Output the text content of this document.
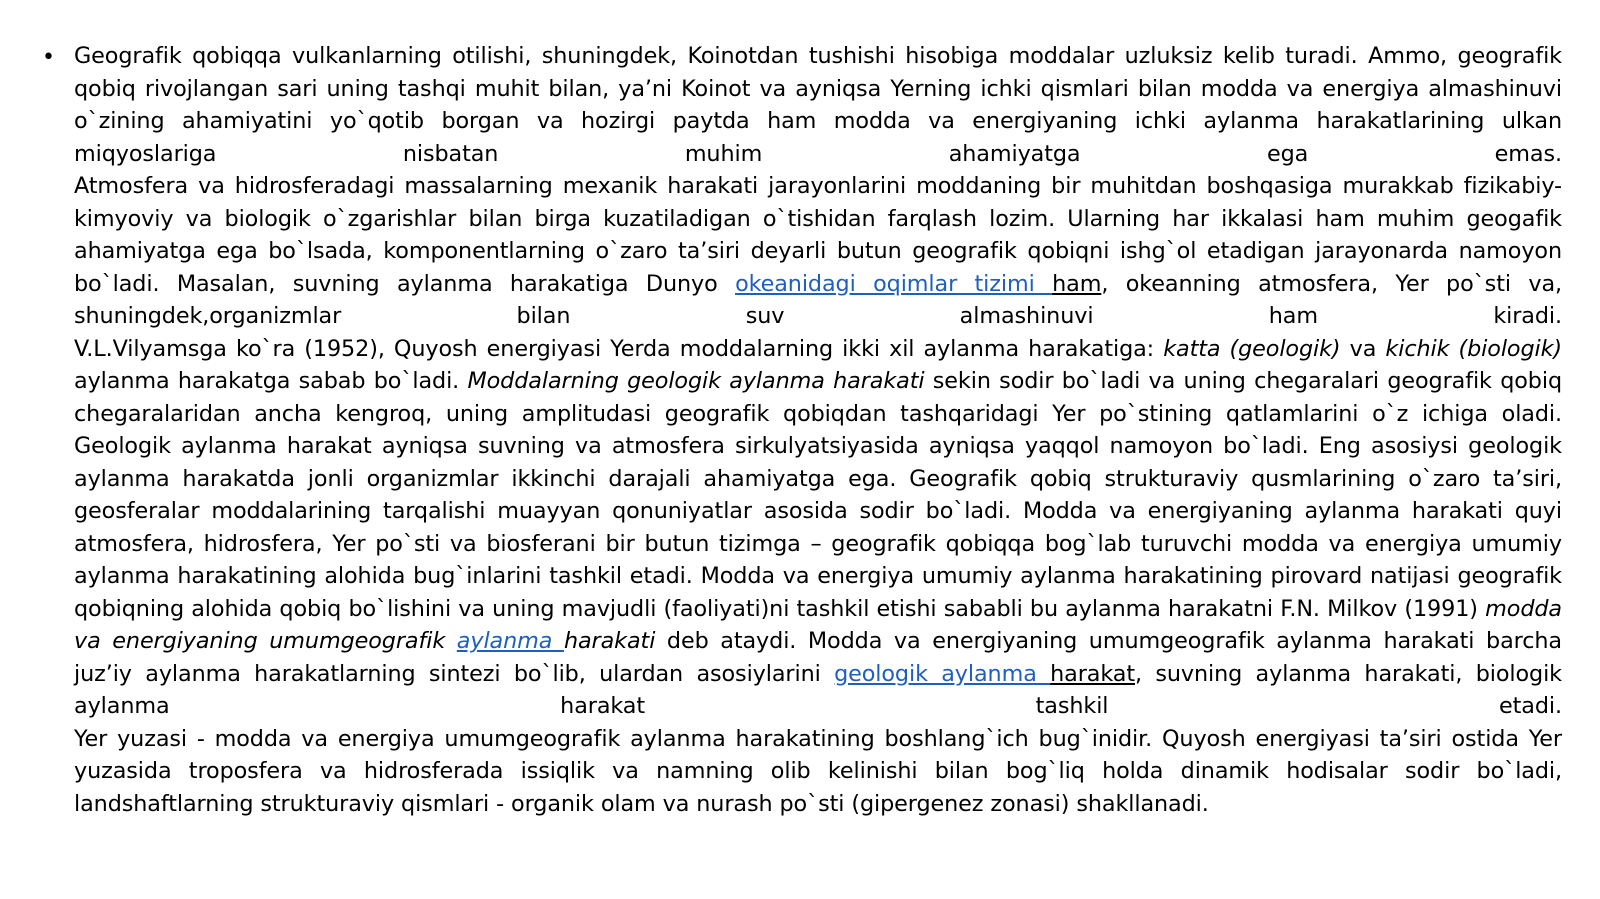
• Geografik qobiqqa vulkanlarning otilishi, shuningdek, Koinotdan tushishi hisobiga moddalar uzluksiz kelib turadi. Ammo, geografik qobiq rivojlangan sari uning tashqi muhit bilan, ya’ni Koinot va ayniqsa Yerning ichki qismlari bilan modda va energiya almashinuvi o`zining ahamiyatini yo`qotib borgan va hozirgi paytda ham modda va energiyaning ichki aylanma harakatlarining ulkan miqyoslariga nisbatan muhim ahamiyatga ega emas.

Atmosfera va hidrosferadagi massalarning mexanik harakati jarayonlarini moddaning bir muhitdan boshqasiga murakkab fizikabiy-kimyoviy va biologik o`zgarishlar bilan birga kuzatiladigan o`tishidan farqlash lozim. Ularning har ikkalasi ham muhim geogafik ahamiyatga ega bo`lsada, komponentlarning o`zaro ta’siri deyarli butun geografik qobiqni ishg`ol etadigan jarayonarda namoyon bo`ladi. Masalan, suvning aylanma harakatiga Dunyo okeanidagi oqimlar tizimi ham, okeanning atmosfera, Yer po`sti va, shuningdek,organizmlar bilan suv almashinuvi ham kiradi.

V.L.Vilyamsga ko`ra (1952), Quyosh energiyasi Yerda moddalarning ikki xil aylanma harakatiga: katta (geologik) va kichik (biologik) aylanma harakatga sabab bo`ladi. Moddalarning geologik aylanma harakati sekin sodir bo`ladi va uning chegaralari geografik qobiq chegaralaridan ancha kengroq, uning amplitudasi geografik qobiqdan tashqaridagi Yer po`stining qatlamlarini o`z ichiga oladi. Geologik aylanma harakat ayniqsa suvning va atmosfera sirkulyatsiyasida ayniqsa yaqqol namoyon bo`ladi. Eng asosiysi geologik aylanma harakatda jonli organizmlar ikkinchi darajali ahamiyatga ega. Geografik qobiq strukturaviy qusmlarining o`zaro ta’siri, geosferalar moddalarining tarqalishi muayyan qonuniyatlar asosida sodir bo`ladi. Modda va energiyaning aylanma harakati quyi atmosfera, hidrosfera, Yer po`sti va biosferani bir butun tizimga – geografik qobiqqa bog`lab turuvchi modda va energiya umumiy aylanma harakatining alohida bug`inlarini tashkil etadi. Modda va energiya umumiy aylanma harakatining pirovard natijasi geografik qobiqning alohida qobiq bo`lishini va uning mavjudli (faoliyati)ni tashkil etishi sababli bu aylanma harakatni F.N. Milkov (1991) modda va energiyaning umumgeografik aylanma harakati deb ataydi. Modda va energiyaning umumgeografik aylanma harakati barcha juz’iy aylanma harakatlarning sintezi bo`lib, ulardan asosiylarini geologik aylanma harakat, suvning aylanma harakati, biologik aylanma harakat tashkil etadi.

Yer yuzasi - modda va energiya umumgeografik aylanma harakatining boshlang`ich bug`inidir. Quyosh energiyasi ta’siri ostida Yer yuzasida troposfera va hidrosferada issiqlik va namning olib kelinishi bilan bog`liq holda dinamik hodisalar sodir bo`ladi, landshaftlarning strukturaviy qismlari - organik olam va nurash po`sti (gipergenez zonasi) shakllanadi.
